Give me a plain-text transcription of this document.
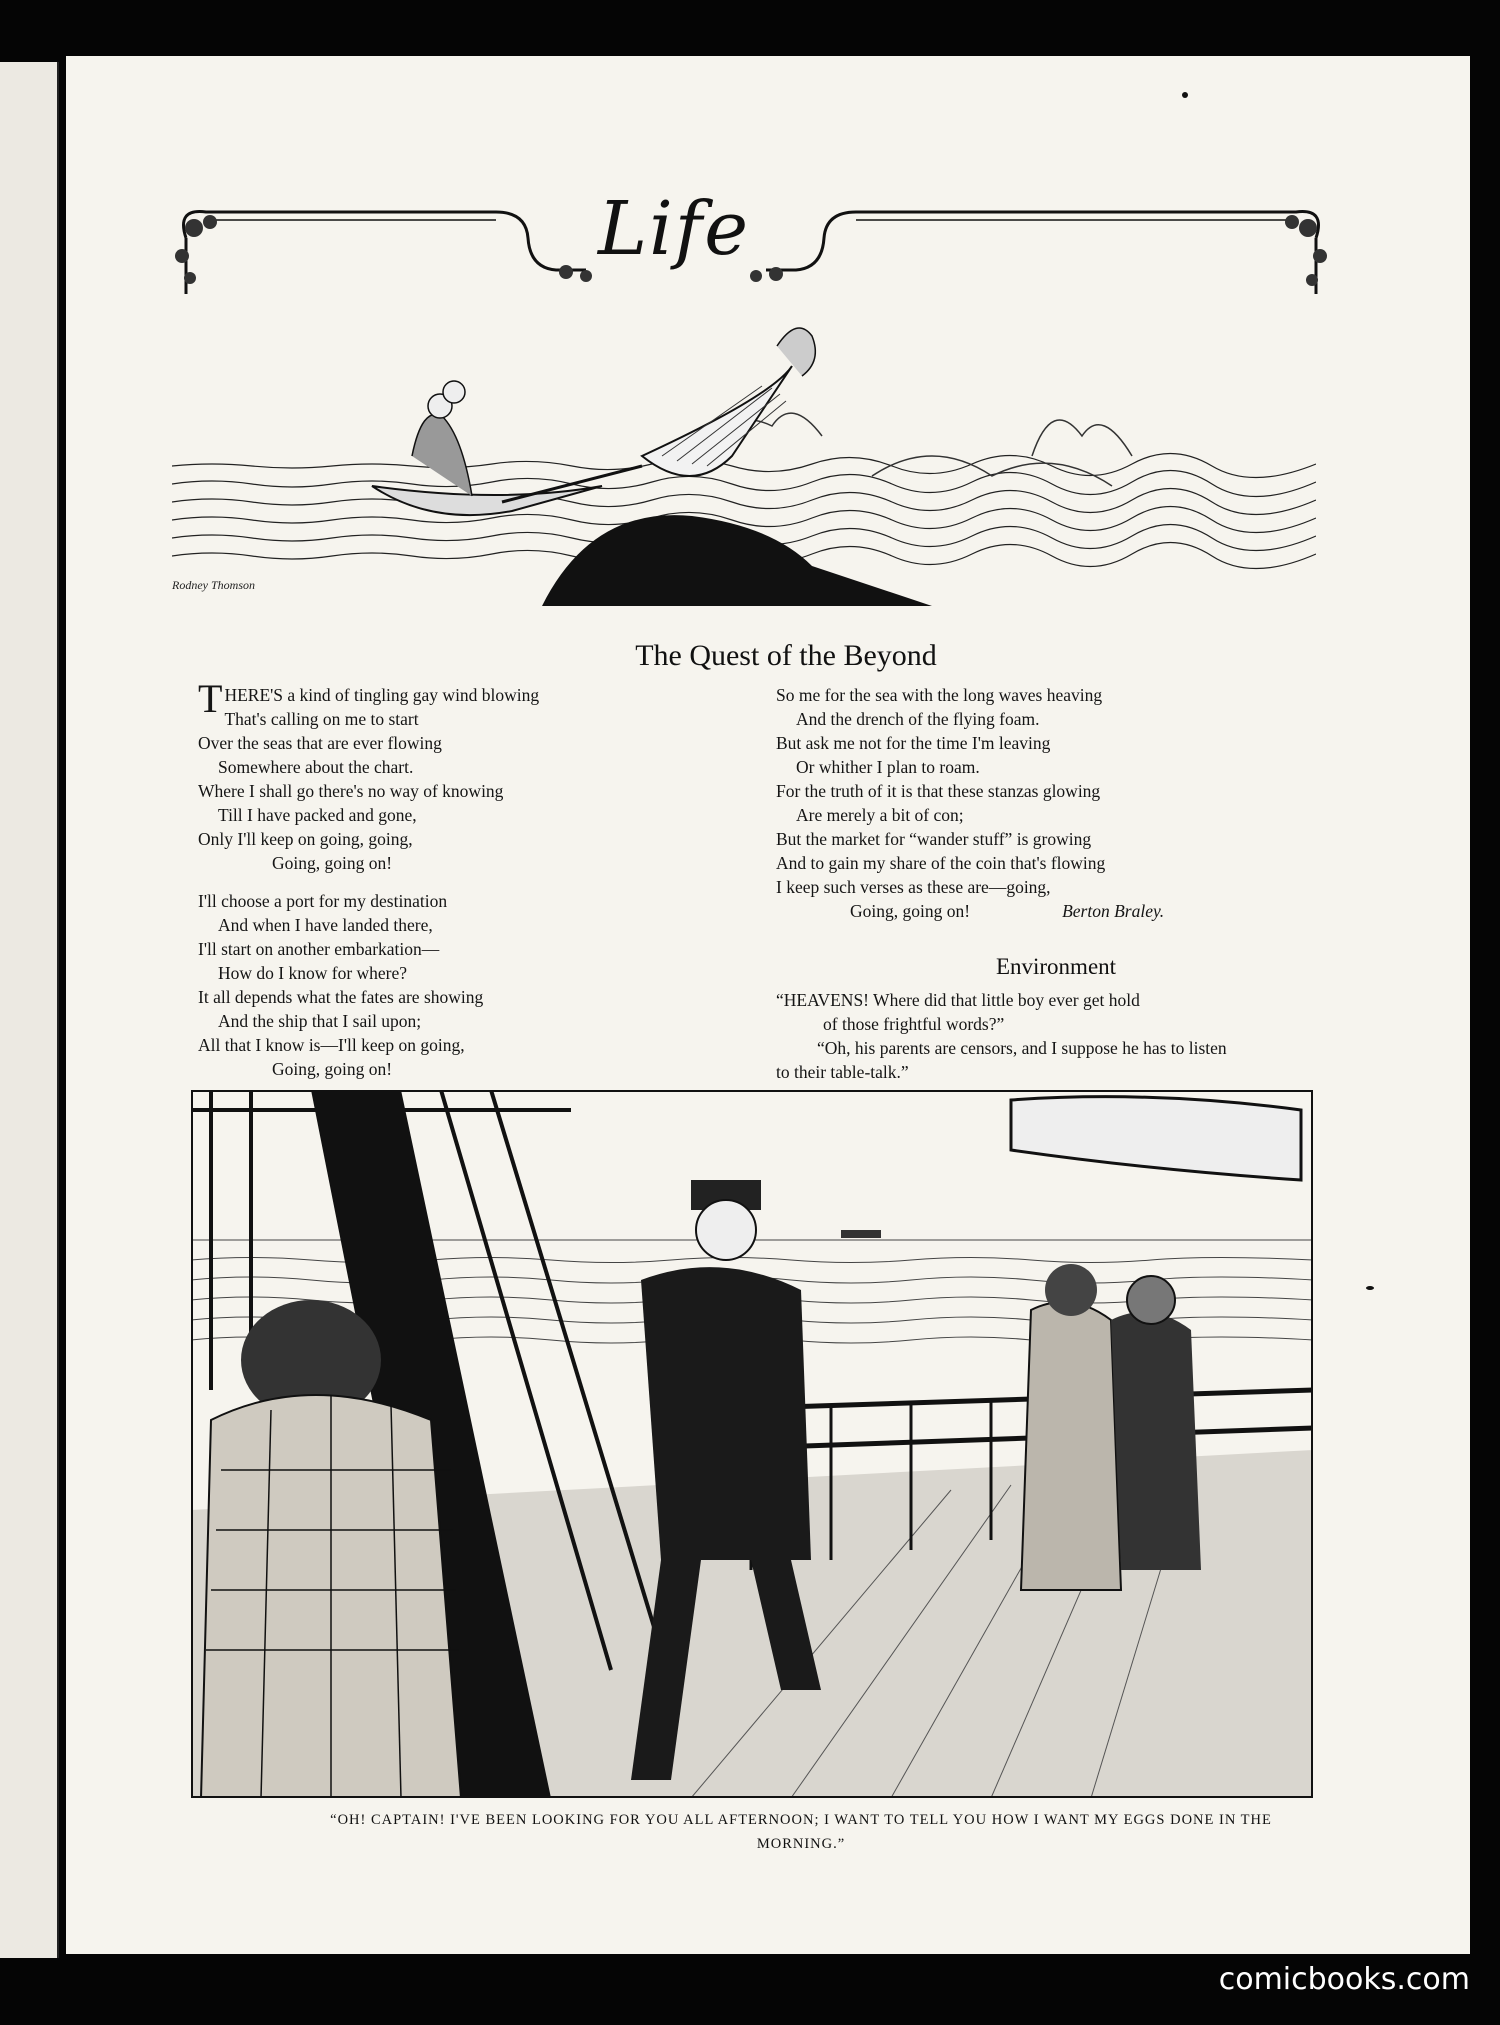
Life
Rodney Thomson
The Quest of the Beyond
THERE'S a kind of tingling gay wind blowing
That's calling on me to start
Over the seas that are ever flowing
Somewhere about the chart.
Where I shall go there's no way of knowing
Till I have packed and gone,
Only I'll keep on going, going,
Going, going on!
I'll choose a port for my destination
And when I have landed there,
I'll start on another embarkation—
How do I know for where?
It all depends what the fates are showing
And the ship that I sail upon;
All that I know is—I'll keep on going,
Going, going on!
So me for the sea with the long waves heaving
And the drench of the flying foam.
But ask me not for the time I'm leaving
Or whither I plan to roam.
For the truth of it is that these stanzas glowing
Are merely a bit of con;
But the market for “wander stuff” is growing
And to gain my share of the coin that's flowing
I keep such verses as these are—going,
Going, going on!	Berton Braley.
Environment
“HEAVENS! Where did that little boy ever get hold
of those frightful words?”
“Oh, his parents are censors, and I suppose he has to listen
to their table-talk.”
“OH! CAPTAIN! I'VE BEEN LOOKING FOR YOU ALL AFTERNOON; I WANT TO TELL YOU HOW I WANT MY EGGS DONE IN THE MORNING.”
comicbooks.com
